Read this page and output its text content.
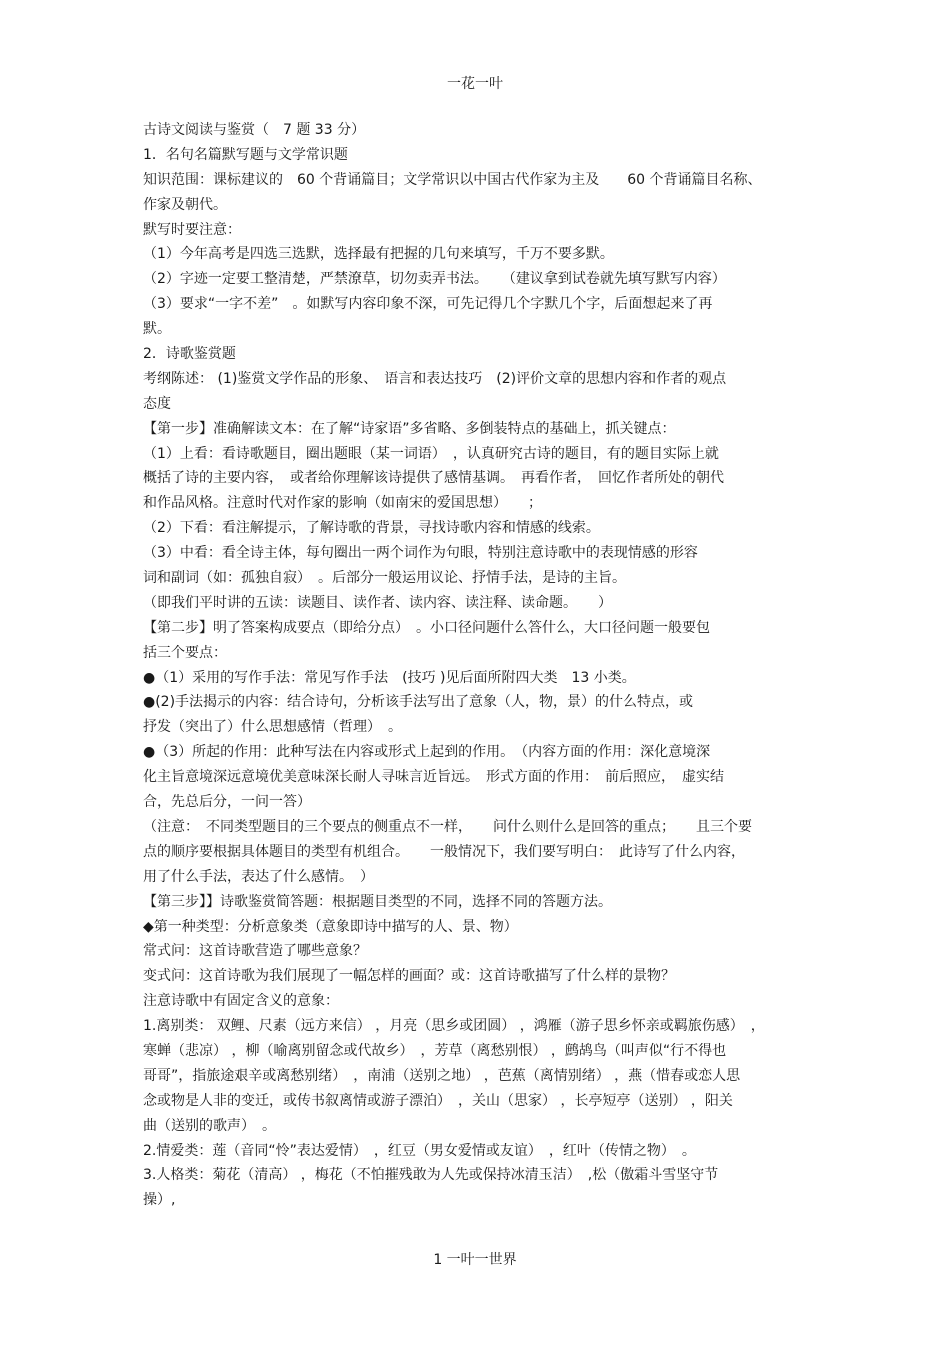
一花一叶
古诗文阅读与鉴赏（　7 题 33 分）
1．名句名篇默写题与文学常识题
知识范围：课标建议的　60 个背诵篇目；文学常识以中国古代作家为主及　　60 个背诵篇目名称、
作家及朝代。
默写时要注意：
（1）今年高考是四选三选默，选择最有把握的几句来填写，千万不要多默。
（2）字迹一定要工整清楚，严禁潦草，切勿卖弄书法。　　（建议拿到试卷就先填写默写内容）
（3）要求“一字不差”　。如默写内容印象不深，可先记得几个字默几个字，后面想起来了再
默。
2．诗歌鉴赏题
考纲陈述： (1)鉴赏文学作品的形象、　语言和表达技巧　(2)评价文章的思想内容和作者的观点
态度
【第一步】准确解读文本：在了解“诗家语”多省略、多倒装特点的基础上，抓关键点：
（1）上看：看诗歌题目，圈出题眼（某一词语）　，认真研究古诗的题目，有的题目实际上就
概括了诗的主要内容，　或者给你理解该诗提供了感情基调。　再看作者，　回忆作者所处的朝代
和作品风格。注意时代对作家的影响（如南宋的爱国思想）　　；
（2）下看：看注解提示，了解诗歌的背景，寻找诗歌内容和情感的线索。
（3）中看：看全诗主体，每句圈出一两个词作为句眼，特别注意诗歌中的表现情感的形容
词和副词（如：孤独自寂）　。后部分一般运用议论、抒情手法，是诗的主旨。
（即我们平时讲的五读：读题目、读作者、读内容、读注释、读命题。　　）
【第二步】明了答案构成要点（即给分点）　。小口径问题什么答什么，大口径问题一般要包
括三个要点：
●（1）采用的写作手法：常见写作手法　(技巧 )见后面所附四大类　13 小类。
●(2)手法揭示的内容：结合诗句，分析该手法写出了意象（人，物，景）的什么特点，或
抒发（突出了）什么思想感情（哲理）　。
●（3）所起的作用：此种写法在内容或形式上起到的作用。　（内容方面的作用：深化意境深
化主旨意境深远意境优美意味深长耐人寻味言近旨远。　形式方面的作用：　前后照应，　虚实结
合，先总后分，一问一答）
（注意：　不同类型题目的三个要点的侧重点不一样，　　问什么则什么是回答的重点；　　且三个要
点的顺序要根据具体题目的类型有机组合。　　一般情况下，我们要写明白：　此诗写了什么内容，
用了什么手法，表达了什么感情。　）
【第三步】】诗歌鉴赏简答题：根据题目类型的不同，选择不同的答题方法。
◆第一种类型：分析意象类（意象即诗中描写的人、景、物）
常式问：这首诗歌营造了哪些意象？
变式问：这首诗歌为我们展现了一幅怎样的画面？或：这首诗歌描写了什么样的景物？
注意诗歌中有固定含义的意象：
1.离别类： 双鲤、尺素（远方来信） ，月亮（思乡或团圆） ，鸿雁（游子思乡怀亲或羁旅伤感）　，
寒蝉（悲凉） ，柳（喻离别留念或代故乡）　，芳草（离愁别恨） ，鹧鸪鸟（叫声似“行不得也
哥哥”，指旅途艰辛或离愁别绪）　，南浦（送别之地） ，芭蕉（离情别绪） ，燕（惜春或恋人思
念或物是人非的变迁，或传书叙离情或游子漂泊）　，关山（思家） ，长亭短亭（送别） ，阳关
曲（送别的歌声）　。
2.情爱类：莲（音同“怜”表达爱情）　，红豆（男女爱情或友谊）　，红叶（传情之物）　。
3.人格类：菊花（清高） ，梅花（不怕摧残敢为人先或保持冰清玉洁）　,松（傲霜斗雪坚守节
操）,
1 一叶一世界
